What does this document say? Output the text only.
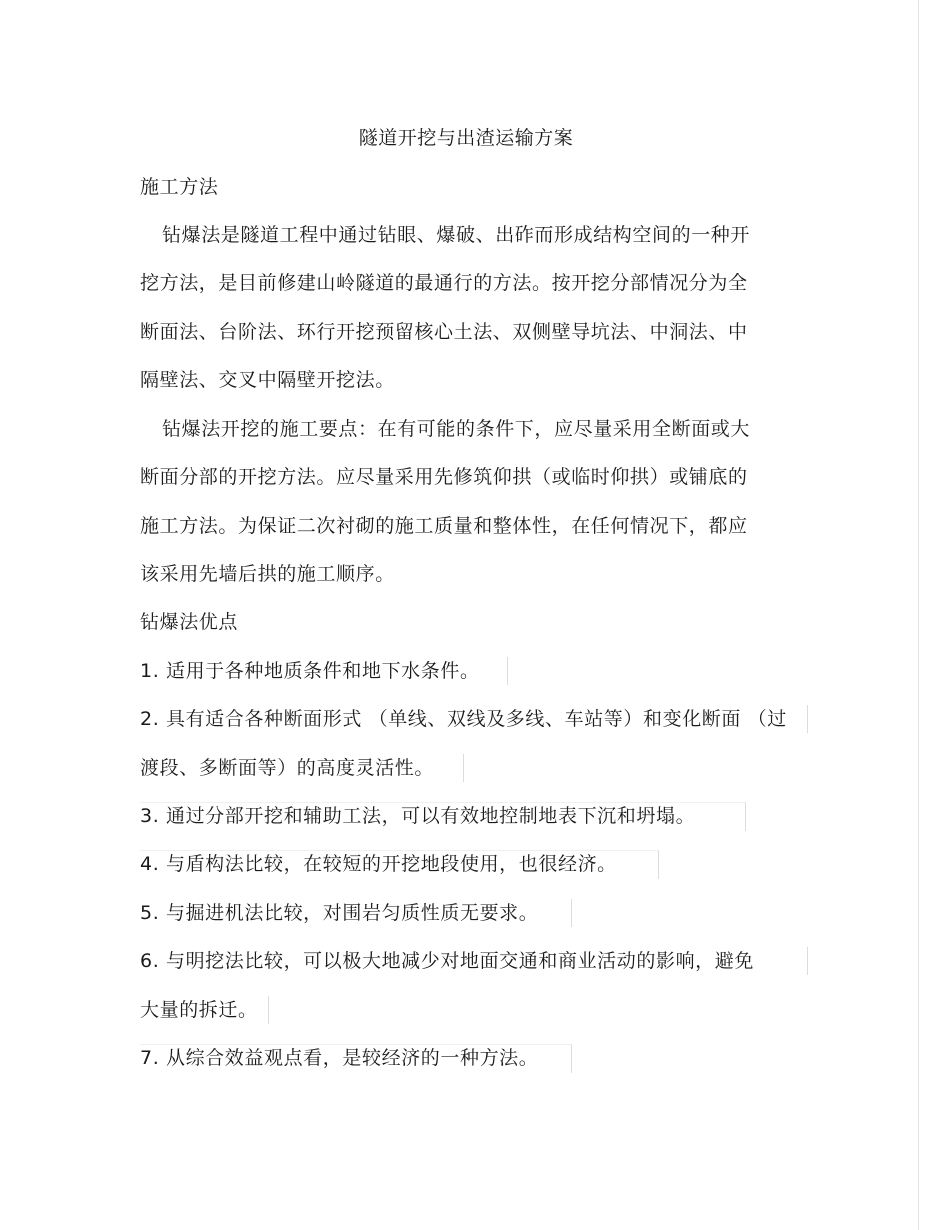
隧道开挖与出渣运输方案
施工方法
钻爆法是隧道工程中通过钻眼、爆破、出砟而形成结构空间的一种开
挖方法，是目前修建山岭隧道的最通行的方法。按开挖分部情况分为全
断面法、台阶法、环行开挖预留核心土法、双侧壁导坑法、中洞法、中
隔壁法、交叉中隔壁开挖法。
钻爆法开挖的施工要点：在有可能的条件下，应尽量采用全断面或大
断面分部的开挖方法。应尽量采用先修筑仰拱（或临时仰拱）或铺底的
施工方法。为保证二次衬砌的施工质量和整体性，在任何情况下，都应
该采用先墙后拱的施工顺序。
钻爆法优点
1. 适用于各种地质条件和地下水条件。
2. 具有适合各种断面形式 （单线、双线及多线、车站等）和变化断面 （过
渡段、多断面等）的高度灵活性。
3. 通过分部开挖和辅助工法，可以有效地控制地表下沉和坍塌。
4. 与盾构法比较，在较短的开挖地段使用，也很经济。
5. 与掘进机法比较，对围岩匀质性质无要求。
6. 与明挖法比较，可以极大地减少对地面交通和商业活动的影响，避免
大量的拆迁。
7. 从综合效益观点看，是较经济的一种方法。
